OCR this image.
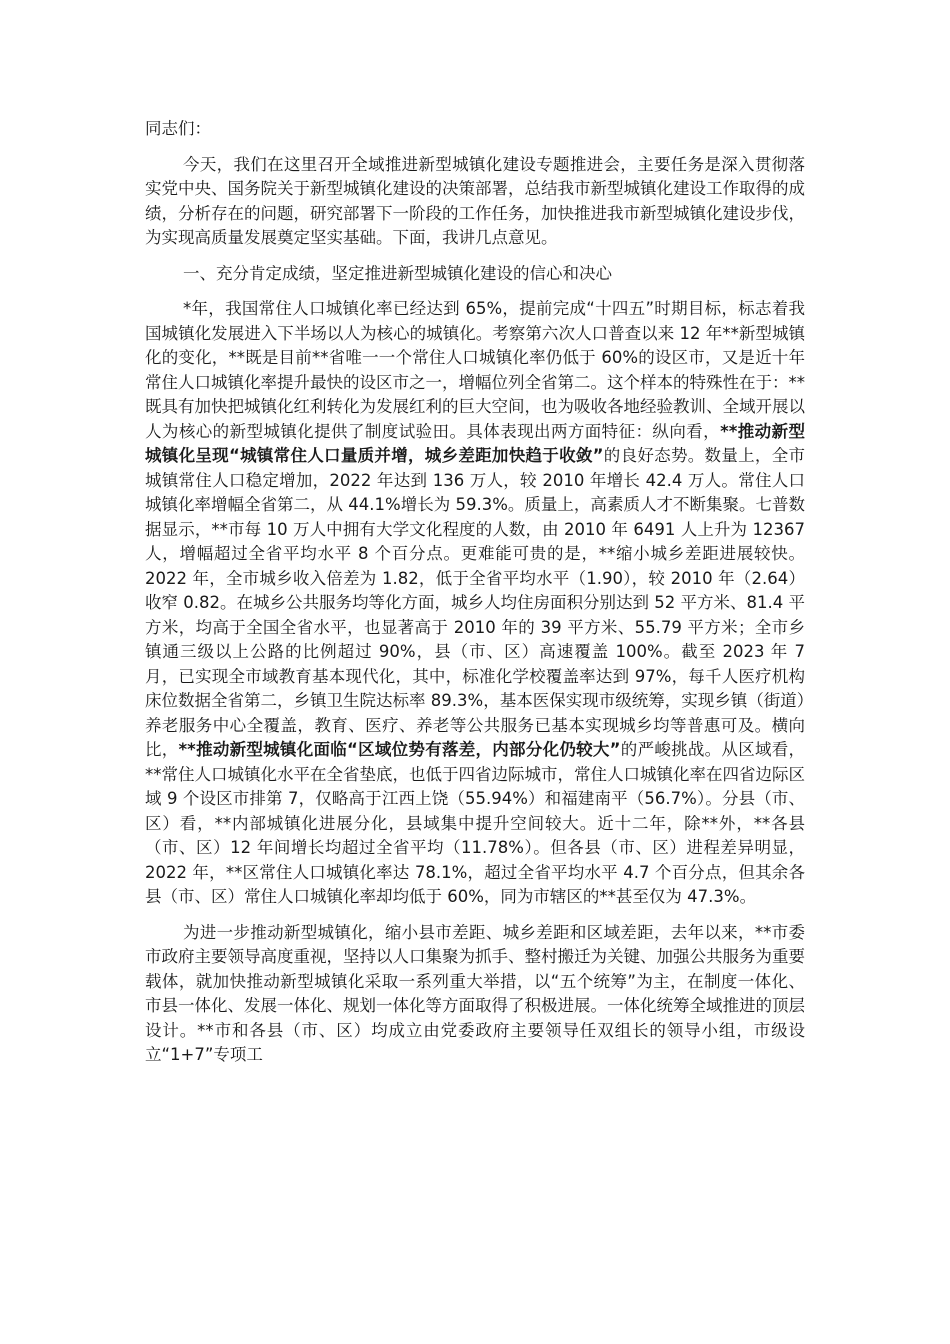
同志们：

今天，我们在这里召开全域推进新型城镇化建设专题推进会，主要任务是深入贯彻落实党中央、国务院关于新型城镇化建设的决策部署，总结我市新型城镇化建设工作取得的成绩，分析存在的问题，研究部署下一阶段的工作任务，加快推进我市新型城镇化建设步伐，为实现高质量发展奠定坚实基础。下面，我讲几点意见。

一、充分肯定成绩，坚定推进新型城镇化建设的信心和决心

*年，我国常住人口城镇化率已经达到 65%，提前完成“十四五”时期目标，标志着我国城镇化发展进入下半场以人为核心的城镇化。考察第六次人口普查以来 12 年**新型城镇化的变化，**既是目前**省唯一一个常住人口城镇化率仍低于 60%的设区市，又是近十年常住人口城镇化率提升最快的设区市之一，增幅位列全省第二。这个样本的特殊性在于：**既具有加快把城镇化红利转化为发展红利的巨大空间，也为吸收各地经验教训、全域开展以人为核心的新型城镇化提供了制度试验田。具体表现出两方面特征：纵向看，**推动新型城镇化呈现“城镇常住人口量质并增，城乡差距加快趋于收敛”的良好态势。数量上，全市城镇常住人口稳定增加，2022 年达到 136 万人，较 2010 年增长 42.4 万人。常住人口城镇化率增幅全省第二，从 44.1%增长为 59.3%。质量上，高素质人才不断集聚。七普数据显示，**市每 10 万人中拥有大学文化程度的人数，由 2010 年 6491 人上升为 12367 人，增幅超过全省平均水平 8 个百分点。更难能可贵的是，**缩小城乡差距进展较快。2022 年，全市城乡收入倍差为 1.82，低于全省平均水平（1.90），较 2010 年（2.64）收窄 0.82。在城乡公共服务均等化方面，城乡人均住房面积分别达到 52 平方米、81.4 平方米，均高于全国全省水平，也显著高于 2010 年的 39 平方米、55.79 平方米；全市乡镇通三级以上公路的比例超过 90%，县（市、区）高速覆盖 100%。截至 2023 年 7 月，已实现全市域教育基本现代化，其中，标准化学校覆盖率达到 97%，每千人医疗机构床位数据全省第二，乡镇卫生院达标率 89.3%，基本医保实现市级统筹，实现乡镇（街道）养老服务中心全覆盖，教育、医疗、养老等公共服务已基本实现城乡均等普惠可及。横向比，**推动新型城镇化面临“区域位势有落差，内部分化仍较大”的严峻挑战。从区域看，**常住人口城镇化水平在全省垫底，也低于四省边际城市，常住人口城镇化率在四省边际区域 9 个设区市排第 7，仅略高于江西上饶（55.94%）和福建南平（56.7%）。分县（市、区）看，**内部城镇化进展分化，县域集中提升空间较大。近十二年，除**外，**各县（市、区）12 年间增长均超过全省平均（11.78%）。但各县（市、区）进程差异明显，2022 年，**区常住人口城镇化率达 78.1%，超过全省平均水平 4.7 个百分点，但其余各县（市、区）常住人口城镇化率却均低于 60%，同为市辖区的**甚至仅为 47.3%。

为进一步推动新型城镇化，缩小县市差距、城乡差距和区域差距，去年以来，**市委市政府主要领导高度重视，坚持以人口集聚为抓手、整村搬迁为关键、加强公共服务为重要载体，就加快推动新型城镇化采取一系列重大举措，以“五个统筹”为主，在制度一体化、市县一体化、发展一体化、规划一体化等方面取得了积极进展。一体化统筹全域推进的顶层设计。**市和各县（市、区）均成立由党委政府主要领导任双组长的领导小组，市级设立“1+7”专项工
